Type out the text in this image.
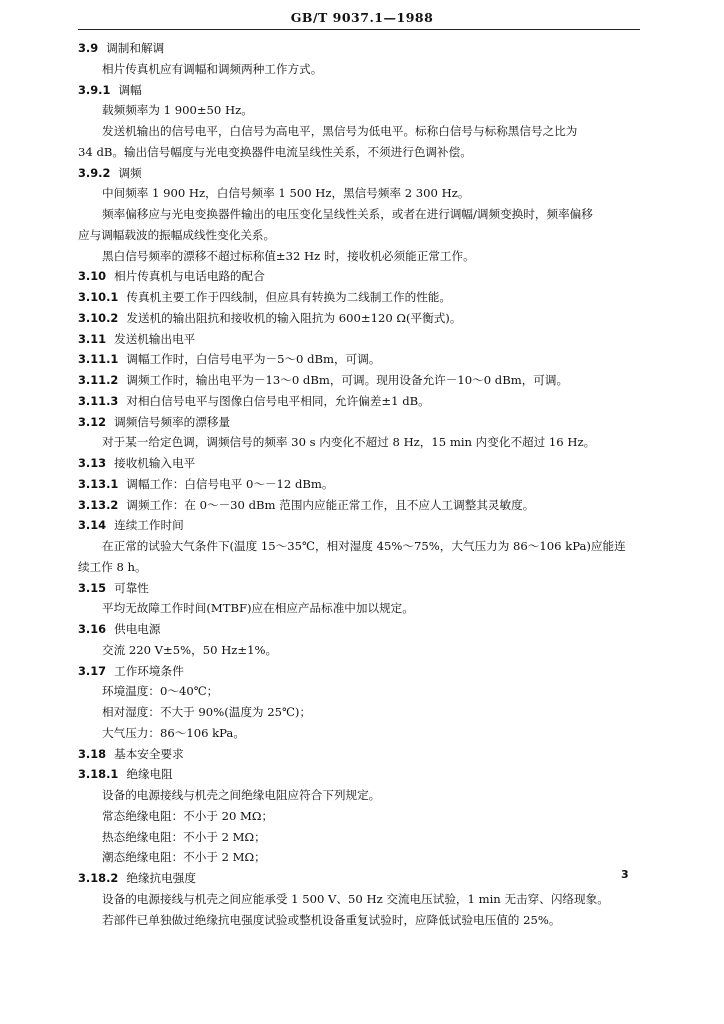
GB/T 9037.1—1988
3.9 调制和解调
相片传真机应有调幅和调频两种工作方式。
3.9.1 调幅
载频频率为 1 900±50 Hz。
发送机输出的信号电平，白信号为高电平，黑信号为低电平。标称白信号与标称黑信号之比为
34 dB。输出信号幅度与光电变换器件电流呈线性关系，不须进行色调补偿。
3.9.2 调频
中间频率 1 900 Hz，白信号频率 1 500 Hz，黑信号频率 2 300 Hz。
频率偏移应与光电变换器件输出的电压变化呈线性关系，或者在进行调幅/调频变换时，频率偏移
应与调幅载波的振幅成线性变化关系。
黑白信号频率的漂移不超过标称值±32 Hz 时，接收机必须能正常工作。
3.10 相片传真机与电话电路的配合
3.10.1 传真机主要工作于四线制，但应具有转换为二线制工作的性能。
3.10.2 发送机的输出阻抗和接收机的输入阻抗为 600±120 Ω(平衡式)。
3.11 发送机输出电平
3.11.1 调幅工作时，白信号电平为－5～0 dBm，可调。
3.11.2 调频工作时，输出电平为－13～0 dBm，可调。现用设备允许－10～0 dBm，可调。
3.11.3 对相白信号电平与图像白信号电平相同，允许偏差±1 dB。
3.12 调频信号频率的漂移量
对于某一给定色调，调频信号的频率 30 s 内变化不超过 8 Hz，15 min 内变化不超过 16 Hz。
3.13 接收机输入电平
3.13.1 调幅工作：白信号电平 0～－12 dBm。
3.13.2 调频工作：在 0～－30 dBm 范围内应能正常工作，且不应人工调整其灵敏度。
3.14 连续工作时间
在正常的试验大气条件下(温度 15～35℃，相对湿度 45%～75%，大气压力为 86～106 kPa)应能连
续工作 8 h。
3.15 可靠性
平均无故障工作时间(MTBF)应在相应产品标准中加以规定。
3.16 供电电源
交流 220 V±5%，50 Hz±1%。
3.17 工作环境条件
环境温度：0～40℃；
相对湿度：不大于 90%(温度为 25℃)；
大气压力：86～106 kPa。
3.18 基本安全要求
3.18.1 绝缘电阻
设备的电源接线与机壳之间绝缘电阻应符合下列规定。
常态绝缘电阻：不小于 20 MΩ；
热态绝缘电阻：不小于 2 MΩ；
潮态绝缘电阻：不小于 2 MΩ；
3.18.2 绝缘抗电强度
设备的电源接线与机壳之间应能承受 1 500 V、50 Hz 交流电压试验，1 min 无击穿、闪络现象。
若部件已单独做过绝缘抗电强度试验或整机设备重复试验时，应降低试验电压值的 25%。
3
